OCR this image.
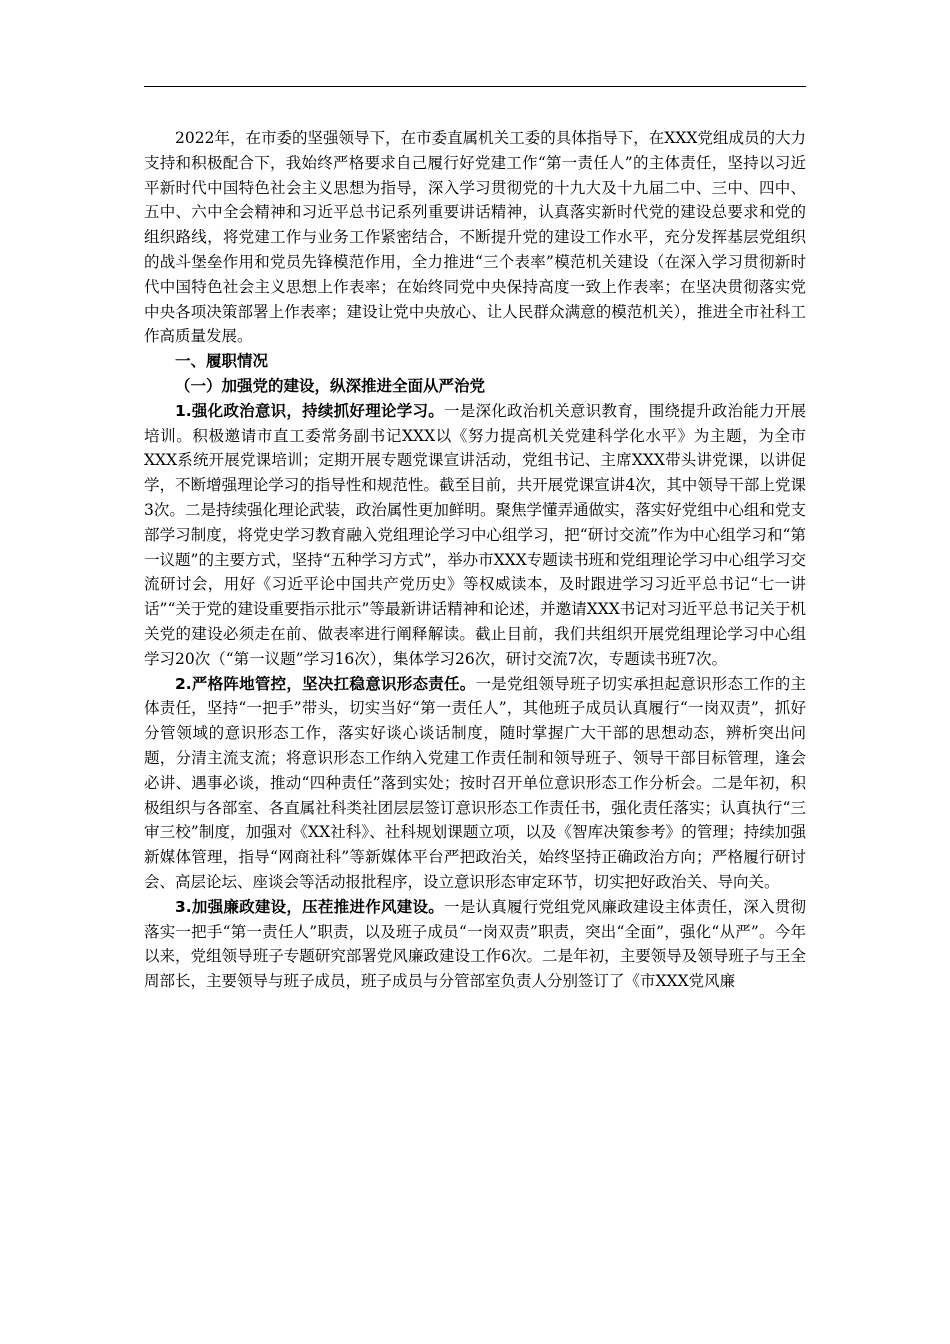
2022年，在市委的坚强领导下，在市委直属机关工委的具体指导下，在XXX党组成员的大力支持和积极配合下，我始终严格要求自己履行好党建工作“第一责任人”的主体责任，坚持以习近平新时代中国特色社会主义思想为指导，深入学习贯彻党的十九大及十九届二中、三中、四中、五中、六中全会精神和习近平总书记系列重要讲话精神，认真落实新时代党的建设总要求和党的组织路线，将党建工作与业务工作紧密结合，不断提升党的建设工作水平，充分发挥基层党组织的战斗堡垒作用和党员先锋模范作用，全力推进“三个表率”模范机关建设（在深入学习贯彻新时代中国特色社会主义思想上作表率；在始终同党中央保持高度一致上作表率；在坚决贯彻落实党中央各项决策部署上作表率；建设让党中央放心、让人民群众满意的模范机关），推进全市社科工作高质量发展。

一、履职情况

（一）加强党的建设，纵深推进全面从严治党

1.强化政治意识，持续抓好理论学习。一是深化政治机关意识教育，围绕提升政治能力开展培训。积极邀请市直工委常务副书记XXX以《努力提高机关党建科学化水平》为主题，为全市XXX系统开展党课培训；定期开展专题党课宣讲活动，党组书记、主席XXX带头讲党课，以讲促学，不断增强理论学习的指导性和规范性。截至目前，共开展党课宣讲4次，其中领导干部上党课3次。二是持续强化理论武装，政治属性更加鲜明。聚焦学懂弄通做实，落实好党组中心组和党支部学习制度，将党史学习教育融入党组理论学习中心组学习，把“研讨交流”作为中心组学习和“第一议题”的主要方式，坚持“五种学习方式”，举办市XXX专题读书班和党组理论学习中心组学习交流研讨会，用好《习近平论中国共产党历史》等权威读本，及时跟进学习习近平总书记“七一讲话”“关于党的建设重要指示批示”等最新讲话精神和论述，并邀请XXX书记对习近平总书记关于机关党的建设必须走在前、做表率进行阐释解读。截止目前，我们共组织开展党组理论学习中心组学习20次（“第一议题”学习16次），集体学习26次，研讨交流7次，专题读书班7次。

2.严格阵地管控，坚决扛稳意识形态责任。一是党组领导班子切实承担起意识形态工作的主体责任，坚持“一把手”带头，切实当好“第一责任人”，其他班子成员认真履行“一岗双责”，抓好分管领域的意识形态工作，落实好谈心谈话制度，随时掌握广大干部的思想动态，辨析突出问题，分清主流支流；将意识形态工作纳入党建工作责任制和领导班子、领导干部目标管理，逢会必讲、遇事必谈，推动“四种责任”落到实处；按时召开单位意识形态工作分析会。二是年初，积极组织与各部室、各直属社科类社团层层签订意识形态工作责任书，强化责任落实；认真执行“三审三校”制度，加强对《XX社科》、社科规划课题立项，以及《智库决策参考》的管理；持续加强新媒体管理，指导“网商社科”等新媒体平台严把政治关，始终坚持正确政治方向；严格履行研讨会、高层论坛、座谈会等活动报批程序，设立意识形态审定环节，切实把好政治关、导向关。

3.加强廉政建设，压茬推进作风建设。一是认真履行党组党风廉政建设主体责任，深入贯彻落实一把手“第一责任人”职责，以及班子成员“一岗双责”职责，突出“全面”，强化“从严”。今年以来，党组领导班子专题研究部署党风廉政建设工作6次。二是年初，主要领导及领导班子与王全周部长，主要领导与班子成员，班子成员与分管部室负责人分别签订了《市XXX党风廉
